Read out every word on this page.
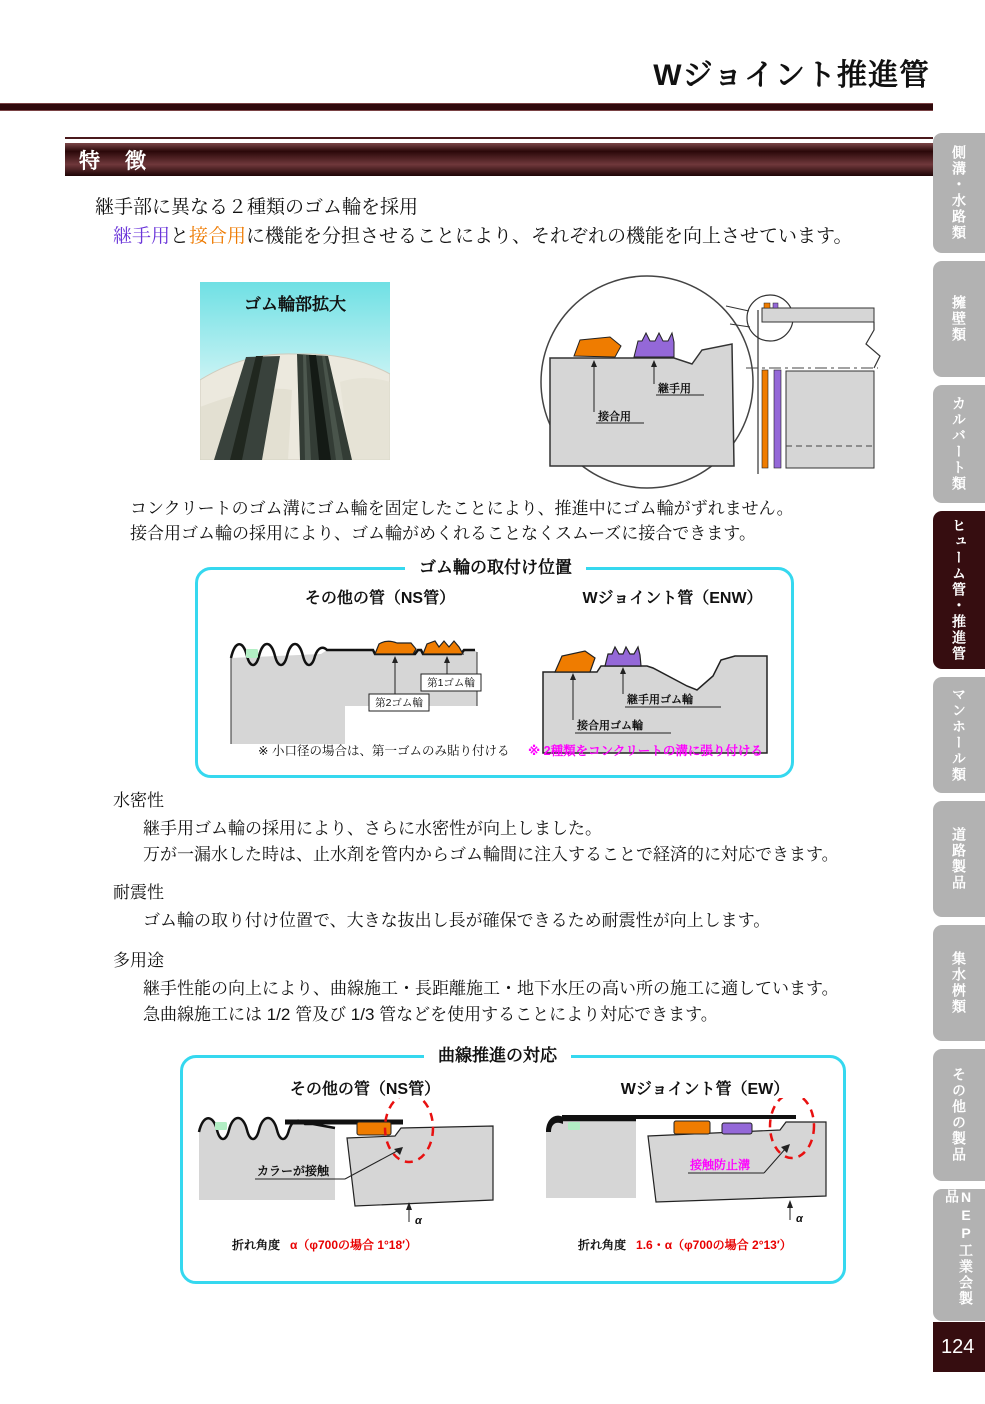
Wジョイント推進管
特　徴
継手部に異なる２種類のゴム輪を採用
継手用と接合用に機能を分担させることにより、それぞれの機能を向上させています。
ゴム輪部拡大
接合用
継手用
コンクリートのゴム溝にゴム輪を固定したことにより、推進中にゴム輪がずれません。
接合用ゴム輪の採用により、ゴム輪がめくれることなくスムーズに接合できます。
ゴム輪の取付け位置
その他の管（NS管）	Wジョイント管（ENW）
第1ゴム輪
第2ゴム輪	継手用ゴム輪
接合用ゴム輪
※ 小口径の場合は、第一ゴムのみ貼り付ける ※ 2種類をコンクリートの溝に張り付ける
水密性
継手用ゴム輪の採用により、さらに水密性が向上しました。
万が一漏水した時は、止水剤を管内からゴム輪間に注入することで経済的に対応できます。
耐震性
ゴム輪の取り付け位置で、大きな抜出し長が確保できるため耐震性が向上します。
多用途
継手性能の向上により、曲線施工・長距離施工・地下水圧の高い所の施工に適しています。
急曲線施工には 1/2 管及び 1/3 管などを使用することにより対応できます。
曲線推進の対応
その他の管（NS管）	Wジョイント管（EW）
カラーが接触
α
接触防止溝
α
折れ角度 α（φ700の場合 1°18′）	折れ角度 1.6・α（φ700の場合 2°13′）
側溝・水路類
擁壁類
カルバート類
ヒューム管・推進管
マンホール類
道路製品
集水桝類
その他の製品
NEP工業会製品
124
